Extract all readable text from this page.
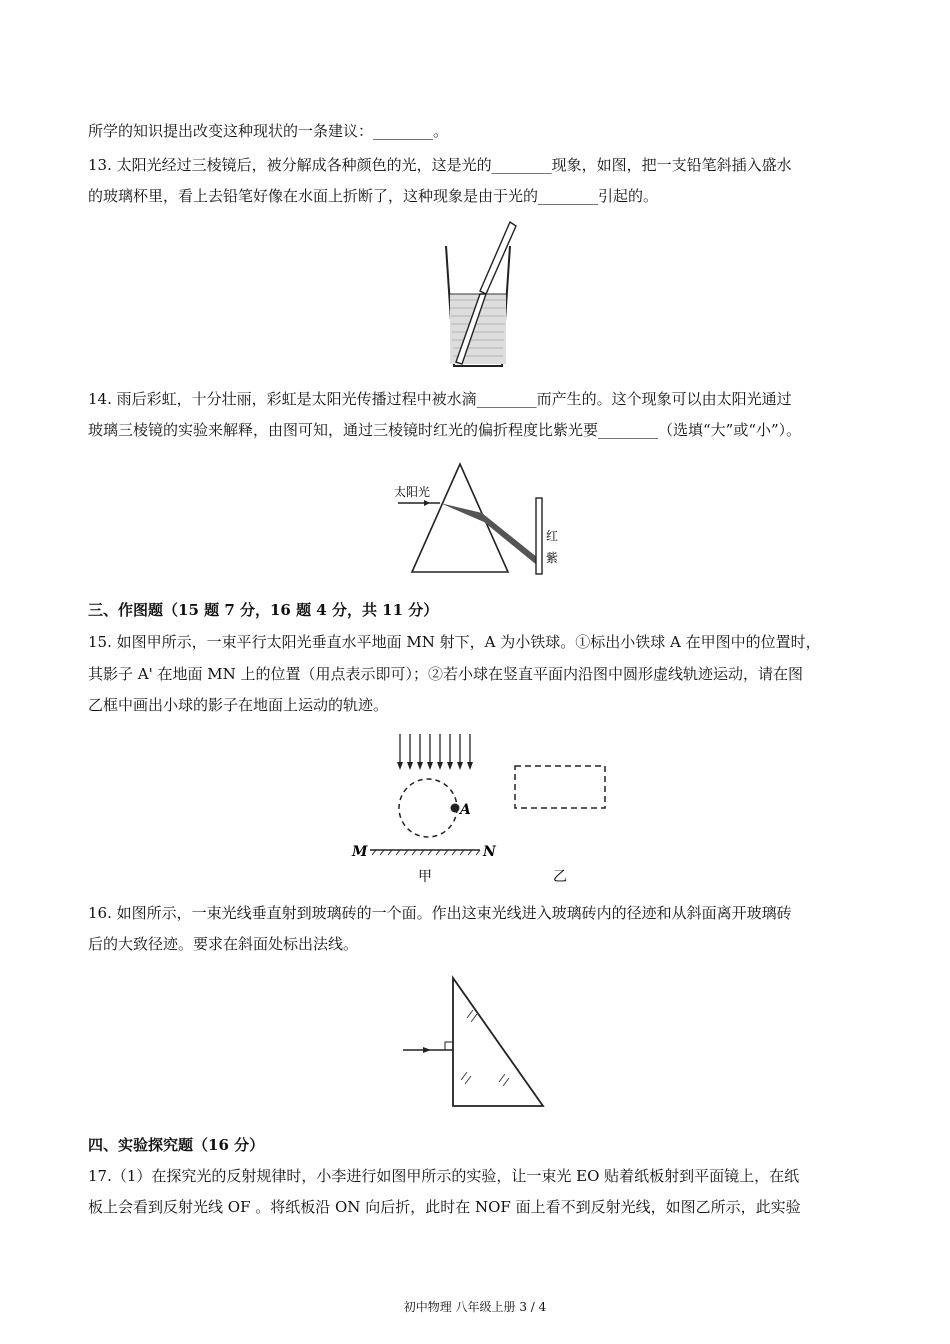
所学的知识提出改变这种现状的一条建议：________。
13. 太阳光经过三棱镜后，被分解成各种颜色的光，这是光的________现象，如图，把一支铅笔斜插入盛水
的玻璃杯里，看上去铅笔好像在水面上折断了，这种现象是由于光的________引起的。
14. 雨后彩虹，十分壮丽，彩虹是太阳光传播过程中被水滴________而产生的。这个现象可以由太阳光通过
玻璃三棱镜的实验来解释，由图可知，通过三棱镜时红光的偏折程度比紫光要________（选填“大”或“小”）。
太阳光
红
紫
三、作图题（15 题 7 分，16 题 4 分，共 11 分）
15. 如图甲所示，一束平行太阳光垂直水平地面 MN 射下，A 为小铁球。①标出小铁球 A 在甲图中的位置时，
其影子 A' 在地面 MN 上的位置（用点表示即可）；②若小球在竖直平面内沿图中圆形虚线轨迹运动，请在图
乙框中画出小球的影子在地面上运动的轨迹。
A
M	N
甲	乙
16. 如图所示，一束光线垂直射到玻璃砖的一个面。作出这束光线进入玻璃砖内的径迹和从斜面离开玻璃砖
后的大致径迹。要求在斜面处标出法线。
四、实验探究题（16 分）
17.（1）在探究光的反射规律时，小李进行如图甲所示的实验，让一束光 EO 贴着纸板射到平面镜上，在纸
板上会看到反射光线 OF 。将纸板沿 ON 向后折，此时在 NOF 面上看不到反射光线，如图乙所示，此实验
初中物理 八年级上册 3 / 4
